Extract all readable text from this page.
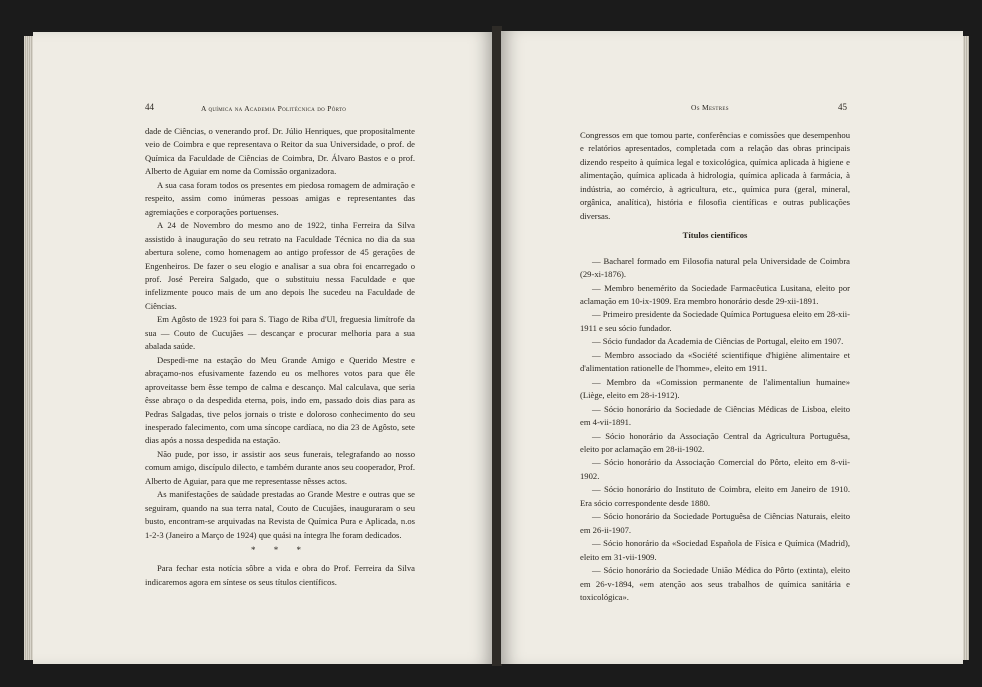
44	A química na Academia Politécnica do Pôrto

dade de Ciências, o venerando prof. Dr. Júlio Henriques, que propositalmente veio de Coimbra e que representava o Reitor da sua Universidade, o prof. de Química da Faculdade de Ciências de Coimbra, Dr. Álvaro Bastos e o prof. Alberto de Aguiar em nome da Comissão organizadora.

A sua casa foram todos os presentes em piedosa romagem de admiração e respeito, assim como inúmeras pessoas amigas e representantes das agremiações e corporações portuenses.

A 24 de Novembro do mesmo ano de 1922, tinha Ferreira da Silva assistido à inauguração do seu retrato na Faculdade Técnica no dia da sua abertura solene, como homenagem ao antigo professor de 45 gerações de Engenheiros. De fazer o seu elogio e analisar a sua obra foi encarregado o prof. José Pereira Salgado, que o substituiu nessa Faculdade e que infelizmente pouco mais de um ano depois lhe sucedeu na Faculdade de Ciências.

Em Agôsto de 1923 foi para S. Tiago de Riba d'Ul, freguesia limítrofe da sua — Couto de Cucujães — descançar e procurar melhoria para a sua abalada saúde.

Despedi-me na estação do Meu Grande Amigo e Querido Mestre e abraçamo-nos efusivamente fazendo eu os melhores votos para que êle aproveitasse bem êsse tempo de calma e descanço. Mal calculava, que seria êsse abraço o da despedida eterna, pois, indo em, passado dois dias para as Pedras Salgadas, tive pelos jornais o triste e doloroso conhecimento do seu inesperado falecimento, com uma síncope cardíaca, no dia 23 de Agôsto, sete dias após a nossa despedida na estação.

Não pude, por isso, ir assistir aos seus funerais, telegrafando ao nosso comum amigo, discípulo dilecto, e também durante anos seu cooperador, Prof. Alberto de Aguiar, para que me representasse nêsses actos.

As manifestações de saùdade prestadas ao Grande Mestre e outras que se seguiram, quando na sua terra natal, Couto de Cucujães, inauguraram o seu busto, encontram-se arquivadas na Revista de Química Pura e Aplicada, n.os 1-2-3 (Janeiro a Março de 1924) que quási na íntegra lhe foram dedicados.

* * *

Para fechar esta notícia sôbre a vida e obra do Prof. Ferreira da Silva indicaremos agora em síntese os seus títulos científicos.

Os Mestres	45

Congressos em que tomou parte, conferências e comissões que desempenhou e relatórios apresentados, completada com a relação das obras principais dizendo respeito à química legal e toxicológica, química aplicada à higiene e alimentação, química aplicada à hidrologia, química aplicada à farmácia, à indústria, ao comércio, à agricultura, etc., química pura (geral, mineral, orgânica, analítica), história e filosofia científicas e outras publicações diversas.

Títulos científicos

— Bacharel formado em Filosofia natural pela Universidade de Coimbra (29-xi-1876).

— Membro benemérito da Sociedade Farmacêutica Lusitana, eleito por aclamação em 10-ix-1909. Era membro honorário desde 29-xii-1891.

— Primeiro presidente da Sociedade Química Portuguesa eleito em 28-xii-1911 e seu sócio fundador.

— Sócio fundador da Academia de Ciências de Portugal, eleito em 1907.

— Membro associado da «Société scientifique d'higiène alimentaire et d'alimentation rationelle de l'homme», eleito em 1911.

— Membro da «Comission permanente de l'alimentaliun humaine» (Liège, eleito em 28-i-1912).

— Sócio honorário da Sociedade de Ciências Médicas de Lisboa, eleito em 4-vii-1891.

— Sócio honorário da Associação Central da Agricultura Portuguêsa, eleito por aclamação em 28-ii-1902.

— Sócio honorário da Associação Comercial do Pôrto, eleito em 8-vii-1902.

— Sócio honorário do Instituto de Coimbra, eleito em Janeiro de 1910. Era sócio correspondente desde 1880.

— Sócio honorário da Sociedade Portuguêsa de Ciências Naturais, eleito em 26-ii-1907.

— Sócio honorário da «Sociedad Española de Física e Química (Madrid), eleito em 31-vii-1909.

— Sócio honorário da Sociedade União Médica do Pôrto (extinta), eleito em 26-v-1894, «em atenção aos seus trabalhos de química sanitária e toxicológica».
